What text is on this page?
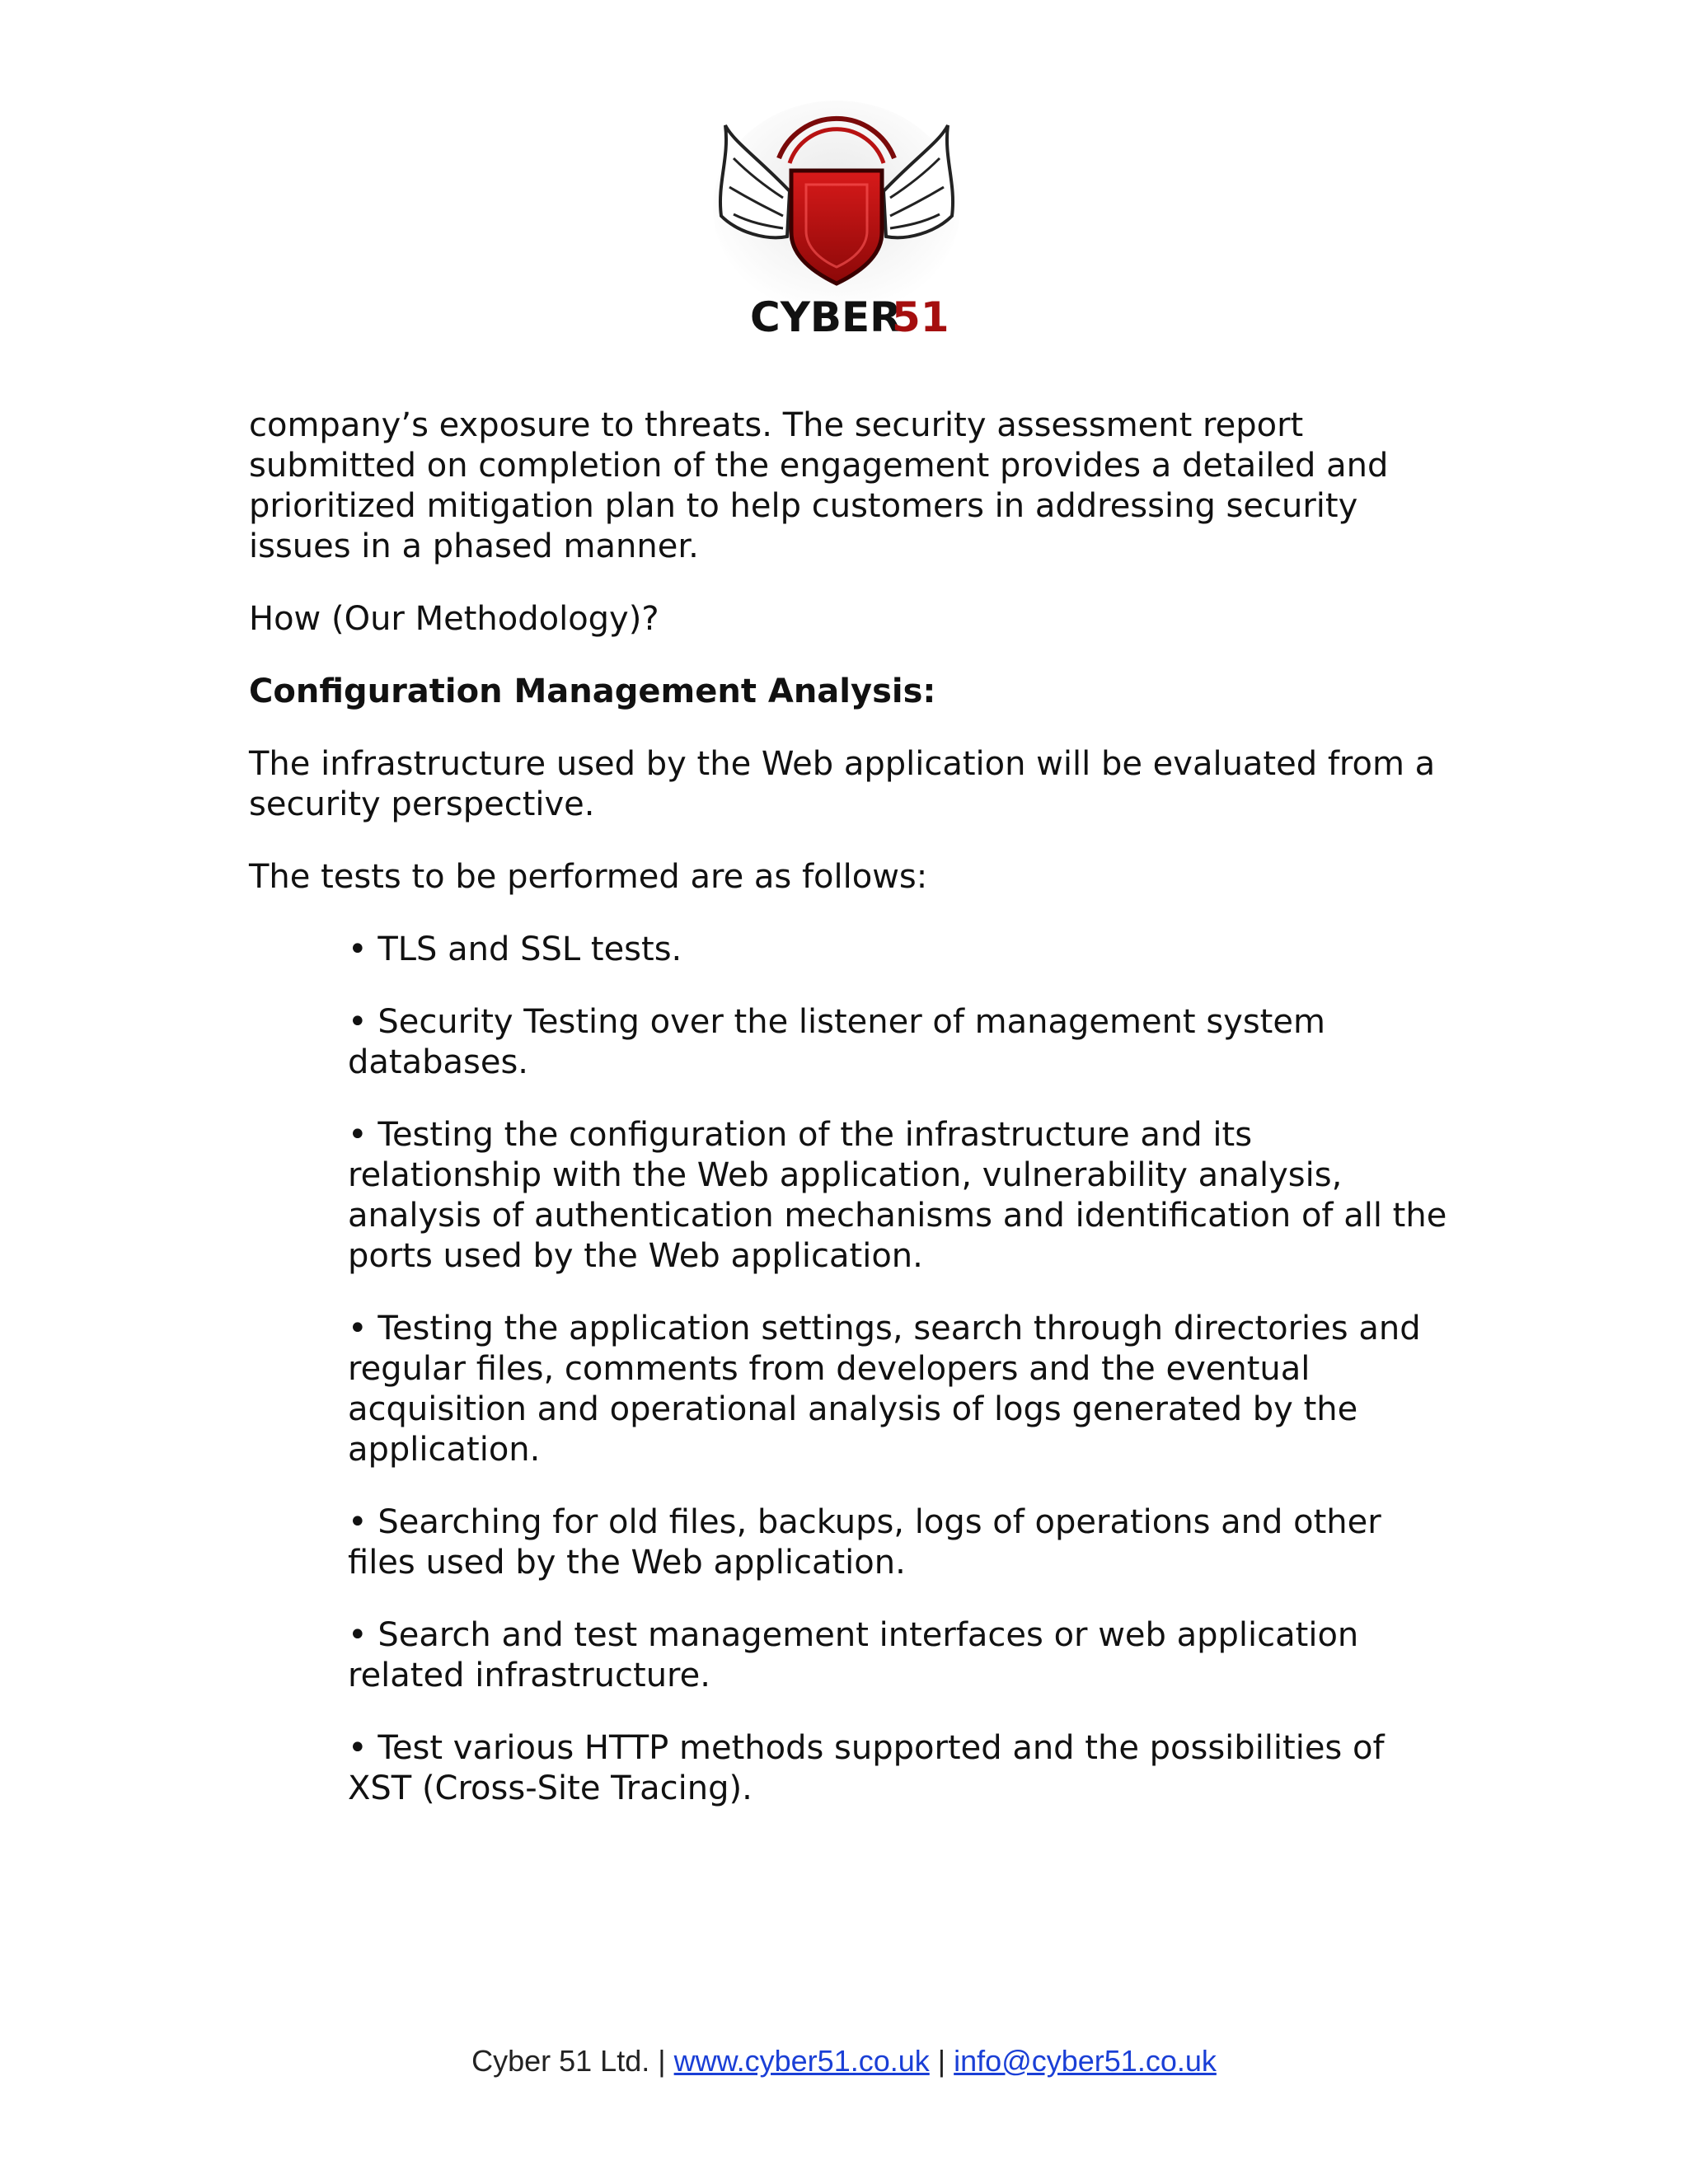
CYBER
51

company’s exposure to threats. The security assessment report submitted on completion of the engagement provides a detailed and prioritized mitigation plan to help customers in addressing security issues in a phased manner.

How (Our Methodology)?

Configuration Management Analysis:

The infrastructure used by the Web application will be evaluated from a security perspective.

The tests to be performed are as follows:

• TLS and SSL tests.
• Security Testing over the listener of management system databases.
• Testing the configuration of the infrastructure and its relationship with the Web application, vulnerability analysis, analysis of authentication mechanisms and identification of all the ports used by the Web application.
• Testing the application settings, search through directories and regular files, comments from developers and the eventual acquisition and operational analysis of logs generated by the application.
• Searching for old files, backups, logs of operations and other files used by the Web application.
• Search and test management interfaces or web application related infrastructure.
• Test various HTTP methods supported and the possibilities of XST (Cross-Site Tracing).
Cyber 51 Ltd. | www.cyber51.co.uk | info@cyber51.co.uk
